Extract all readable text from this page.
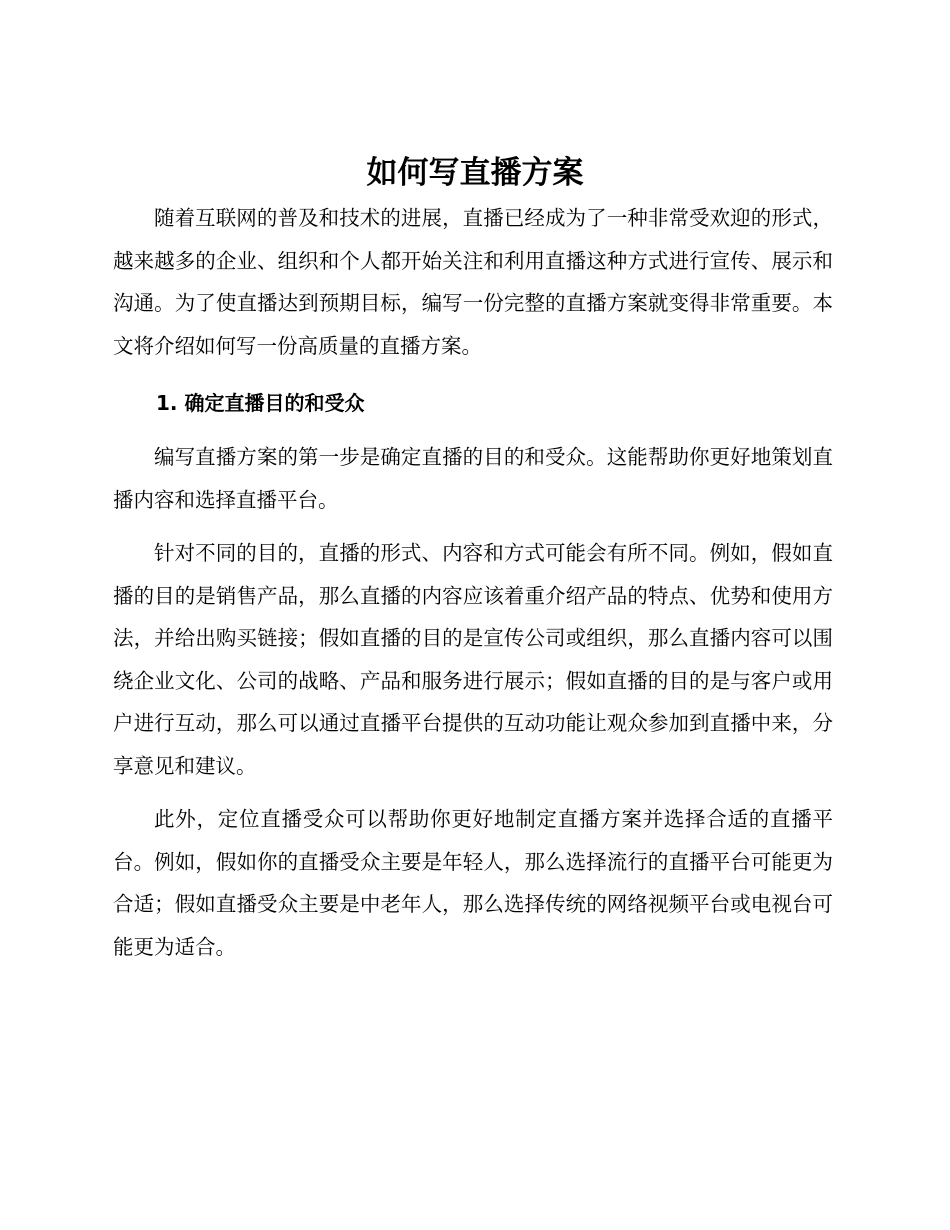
如何写直播方案

随着互联网的普及和技术的进展，直播已经成为了一种非常受欢迎的形式，越来越多的企业、组织和个人都开始关注和利用直播这种方式进行宣传、展示和沟通。为了使直播达到预期目标，编写一份完整的直播方案就变得非常重要。本文将介绍如何写一份高质量的直播方案。

1. 确定直播目的和受众

编写直播方案的第一步是确定直播的目的和受众。这能帮助你更好地策划直播内容和选择直播平台。

针对不同的目的，直播的形式、内容和方式可能会有所不同。例如，假如直播的目的是销售产品，那么直播的内容应该着重介绍产品的特点、优势和使用方法，并给出购买链接；假如直播的目的是宣传公司或组织，那么直播内容可以围绕企业文化、公司的战略、产品和服务进行展示；假如直播的目的是与客户或用户进行互动，那么可以通过直播平台提供的互动功能让观众参加到直播中来，分享意见和建议。

此外，定位直播受众可以帮助你更好地制定直播方案并选择合适的直播平台。例如，假如你的直播受众主要是年轻人，那么选择流行的直播平台可能更为合适；假如直播受众主要是中老年人，那么选择传统的网络视频平台或电视台可能更为适合。
